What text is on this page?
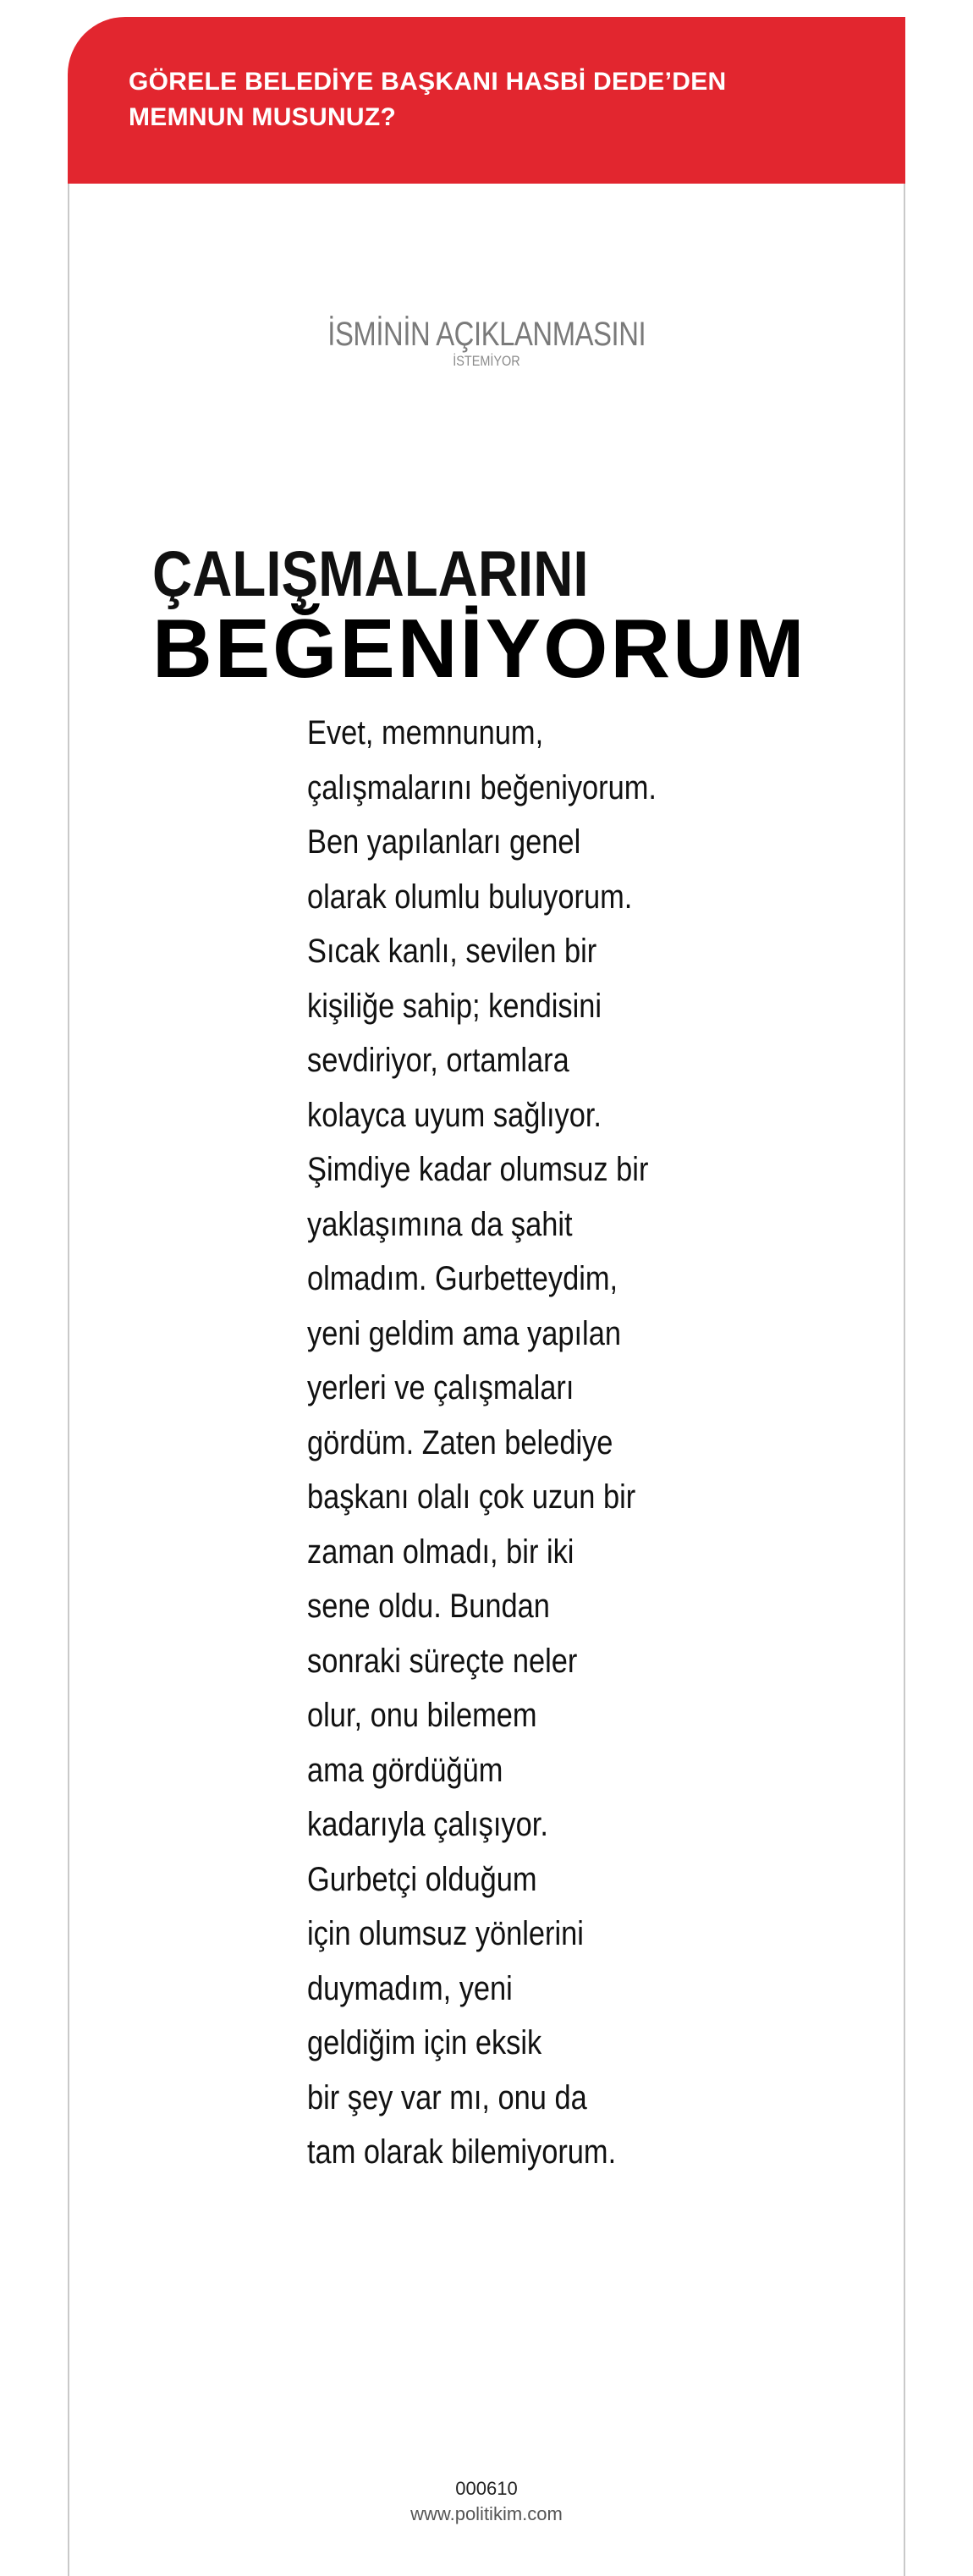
GÖRELE BELEDİYE BAŞKANI HASBİ DEDE’DEN
MEMNUN MUSUNUZ?
İSMİNİN AÇIKLANMASINI
İSTEMİYOR
ÇALIŞMALARINI
BEĞENİYORUM
000610
www.politikim.com
Evet, memnunum,
çalışmalarını beğeniyorum.
Ben yapılanları genel
olarak olumlu buluyorum.
Sıcak kanlı, sevilen bir
kişiliğe sahip; kendisini
sevdiriyor, ortamlara
kolayca uyum sağlıyor.
Şimdiye kadar olumsuz bir
yaklaşımına da şahit
olmadım. Gurbetteydim,
yeni geldim ama yapılan
yerleri ve çalışmaları
gördüm. Zaten belediye
başkanı olalı çok uzun bir
zaman olmadı, bir iki
sene oldu. Bundan
sonraki süreçte neler
olur, onu bilemem
ama gördüğüm
kadarıyla çalışıyor.
Gurbetçi olduğum
için olumsuz yönlerini
duymadım, yeni
geldiğim için eksik
bir şey var mı, onu da
tam olarak bilemiyorum.
